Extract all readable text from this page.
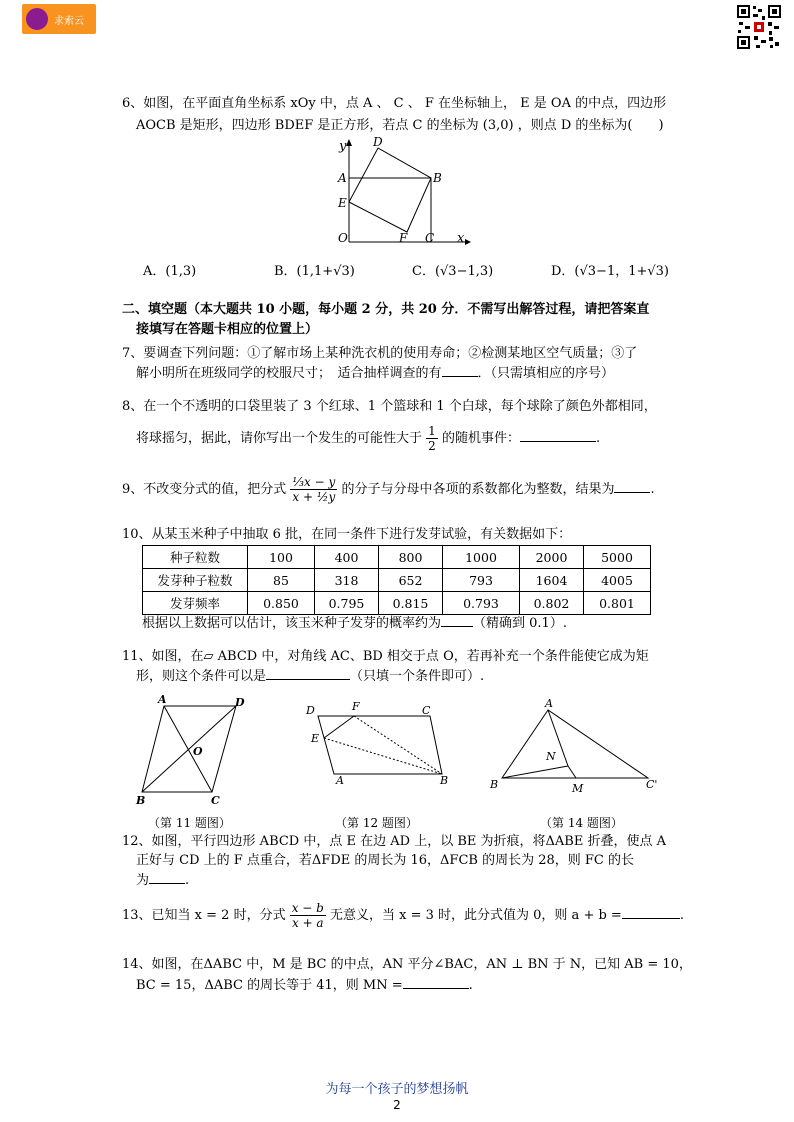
求索云
6、如图，在平面直角坐标系 xOy 中，点 A 、 C 、 F 在坐标轴上， E 是 OA 的中点，四边形
AOCB 是矩形，四边形 BDEF 是正方形，若点 C 的坐标为 (3,0) ，则点 D 的坐标为(　　)
y D
A	B
E
O	F C x
A．(1,3)	B．(1,1+√3)	C．(√3−1,3)	D．(√3−1，1+√3)
二、填空题（本大题共 10 小题，每小题 2 分，共 20 分．不需写出解答过程，请把答案直
接填写在答题卡相应的位置上）
7、要调查下列问题：①了解市场上某种洗衣机的使用寿命；②检测某地区空气质量；③了
解小明所在班级同学的校服尺寸；　适合抽样调查的有	．（只需填相应的序号）
8、在一个不透明的口袋里装了 3 个红球、1 个篮球和 1 个白球，每个球除了颜色外都相同，
将球摇匀，据此，请你写出一个发生的可能性大于 $\frac{1}{2}$ 的随机事件：	.
9、不改变分式的值，把分式 $\frac{\text{⅓x − y}}{\text{x + ½y}}$ 的分子与分母中各项的系数都化为整数，结果为	.
10、从某玉米种子中抽取 6 批，在同一条件下进行发芽试验，有关数据如下：
种子粒数	100	400	800	1000	2000	5000
发芽种子粒数	85	318	652	793	1604	4005
发芽频率	0.850	0.795	0.815	0.793	0.802	0.801
根据以上数据可以估计，该玉米种子发芽的概率约为 （精确到 0.1）.
11、如图，在▱ ABCD 中，对角线 AC、BD 相交于点 O，若再补充一个条件能使它成为矩
形，则这个条件可以是	（只填一个条件即可）.
A	D
O
B	C
（第 11 题图）
D	F	C
E
A	B
（第 12 题图）
A
N
B	M	C'
（第 14 题图）
12、如图，平行四边形 ABCD 中，点 E 在边 AD 上，以 BE 为折痕，将ΔABE 折叠，使点 A
正好与 CD 上的 F 点重合，若ΔFDE 的周长为 16，ΔFCB 的周长为 28，则 FC 的长
为	.
13、已知当 x = 2 时，分式 $\frac{x - b}{x + a}$ 无意义，当 x = 3 时，此分式值为 0，则 a + b =	.
14、如图，在ΔABC 中，M 是 BC 的中点，AN 平分∠BAC，AN ⊥ BN 于 N，已知 AB = 10，
BC = 15，ΔABC 的周长等于 41，则 MN =	.
为每一个孩子的梦想扬帆
2
